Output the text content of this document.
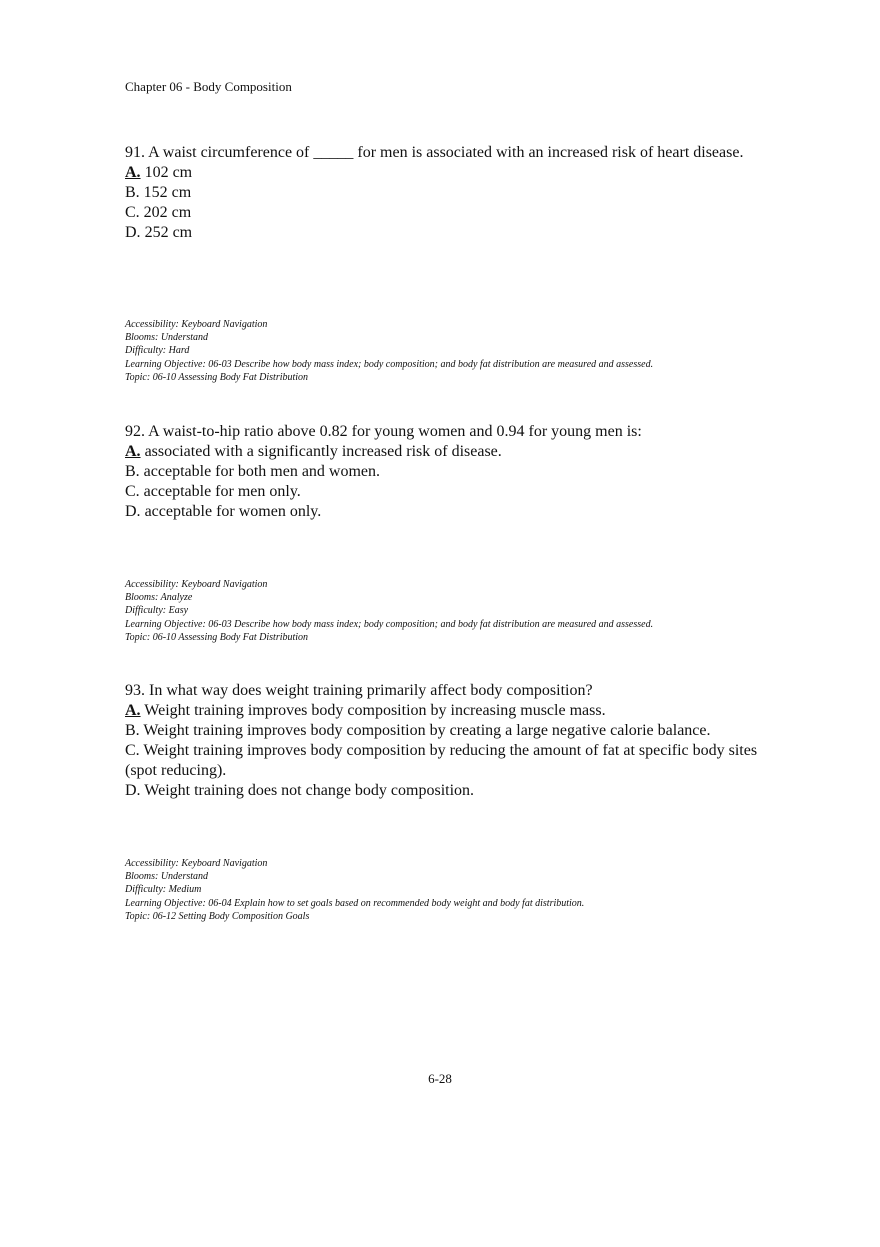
Chapter 06 - Body Composition

91. A waist circumference of _____ for men is associated with an increased risk of heart disease.

A. 102 cm

B. 152 cm

C. 202 cm

D. 252 cm

Accessibility: Keyboard Navigation
Blooms: Understand
Difficulty: Hard
Learning Objective: 06-03 Describe how body mass index; body composition; and body fat distribution are measured and assessed.
Topic: 06-10 Assessing Body Fat Distribution

92. A waist-to-hip ratio above 0.82 for young women and 0.94 for young men is:

A. associated with a significantly increased risk of disease.

B. acceptable for both men and women.

C. acceptable for men only.

D. acceptable for women only.

Accessibility: Keyboard Navigation
Blooms: Analyze
Difficulty: Easy
Learning Objective: 06-03 Describe how body mass index; body composition; and body fat distribution are measured and assessed.
Topic: 06-10 Assessing Body Fat Distribution

93. In what way does weight training primarily affect body composition?

A. Weight training improves body composition by increasing muscle mass.

B. Weight training improves body composition by creating a large negative calorie balance.

C. Weight training improves body composition by reducing the amount of fat at specific body sites (spot reducing).

D. Weight training does not change body composition.

Accessibility: Keyboard Navigation
Blooms: Understand
Difficulty: Medium
Learning Objective: 06-04 Explain how to set goals based on recommended body weight and body fat distribution.
Topic: 06-12 Setting Body Composition Goals
6-28
